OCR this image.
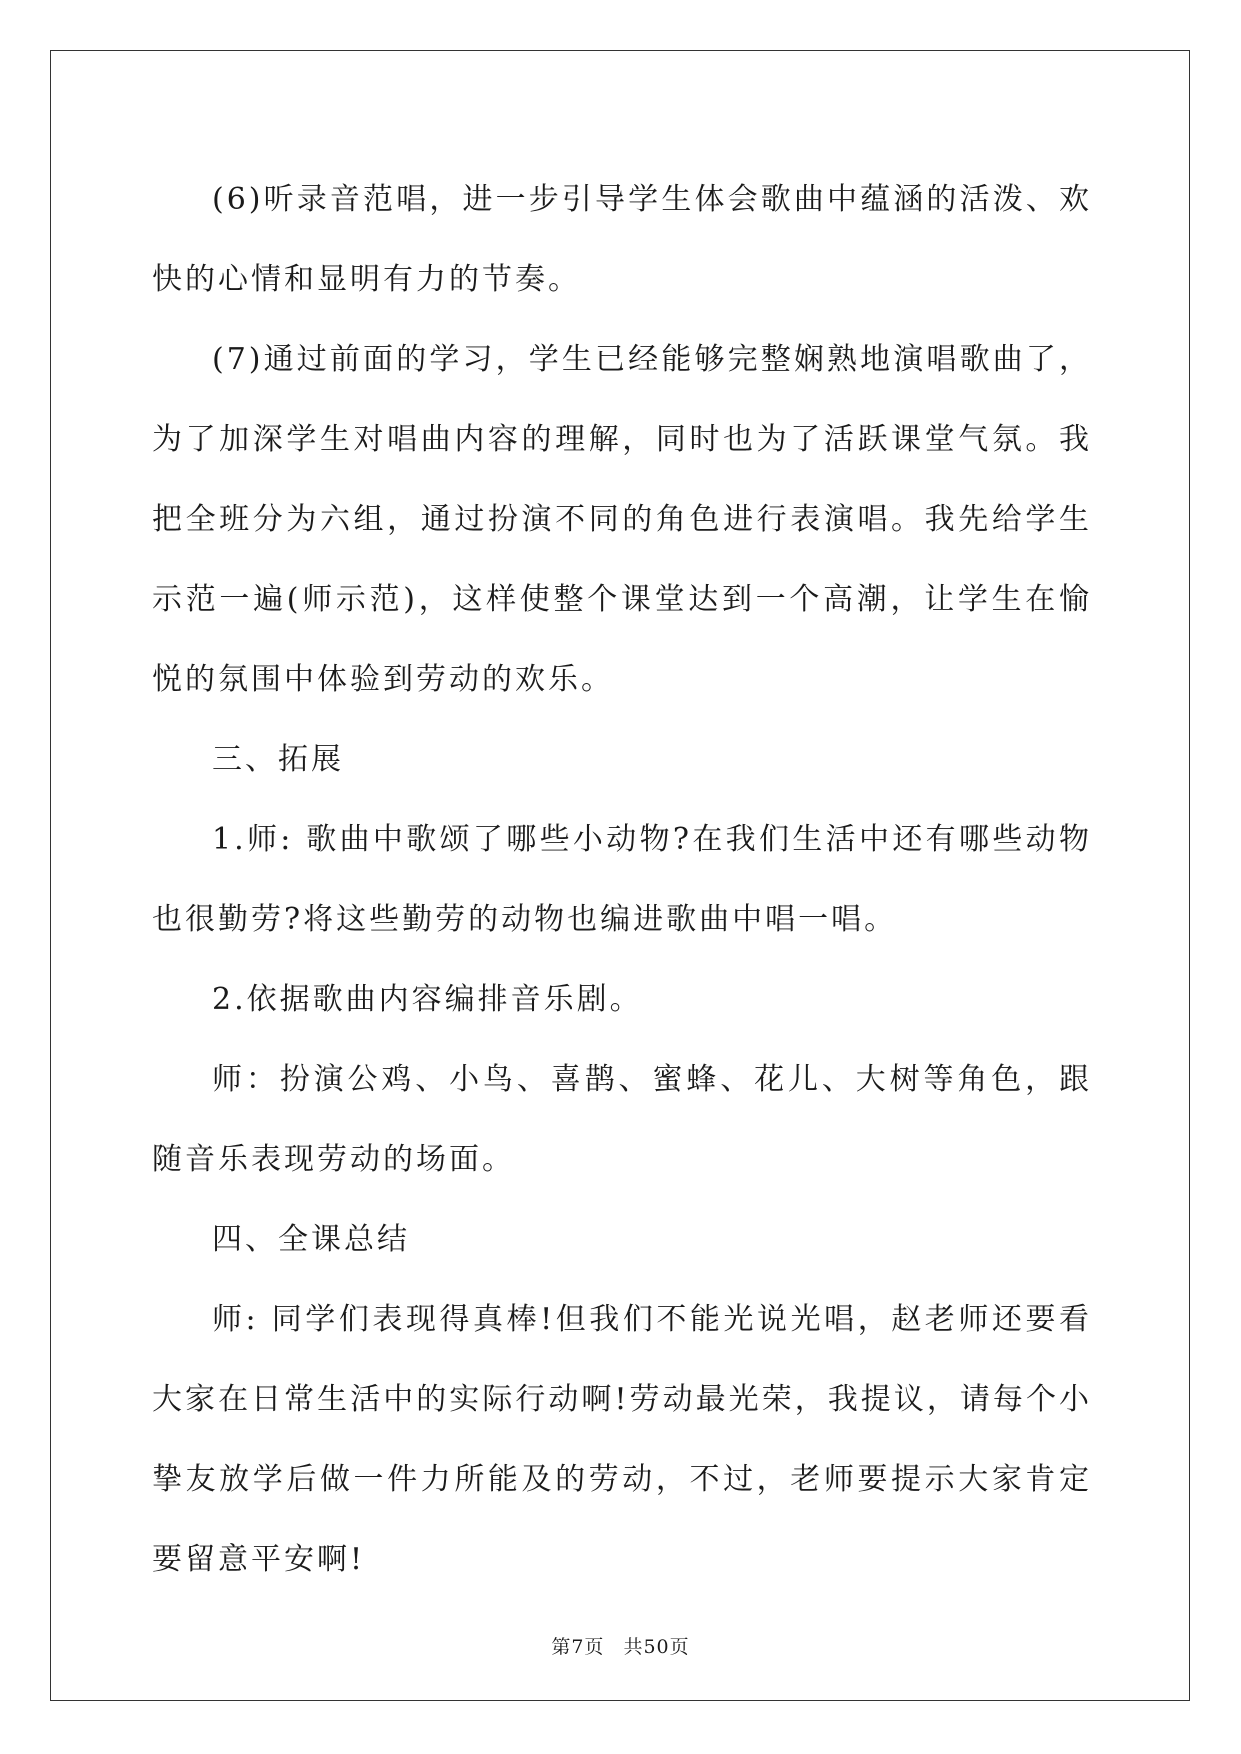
(6)听录音范唱，进一步引导学生体会歌曲中蕴涵的活泼、欢快的心情和显明有力的节奏。

(7)通过前面的学习，学生已经能够完整娴熟地演唱歌曲了，为了加深学生对唱曲内容的理解，同时也为了活跃课堂气氛。我把全班分为六组，通过扮演不同的角色进行表演唱。我先给学生示范一遍(师示范)，这样使整个课堂达到一个高潮，让学生在愉悦的氛围中体验到劳动的欢乐。

三、拓展

1.师: 歌曲中歌颂了哪些小动物?在我们生活中还有哪些动物也很勤劳?将这些勤劳的动物也编进歌曲中唱一唱。

2.依据歌曲内容编排音乐剧。

师：扮演公鸡、小鸟、喜鹊、蜜蜂、花儿、大树等角色，跟随音乐表现劳动的场面。

四、全课总结

师: 同学们表现得真棒!但我们不能光说光唱，赵老师还要看大家在日常生活中的实际行动啊!劳动最光荣，我提议，请每个小挚友放学后做一件力所能及的劳动，不过，老师要提示大家肯定要留意平安啊!

第7页 共50页
